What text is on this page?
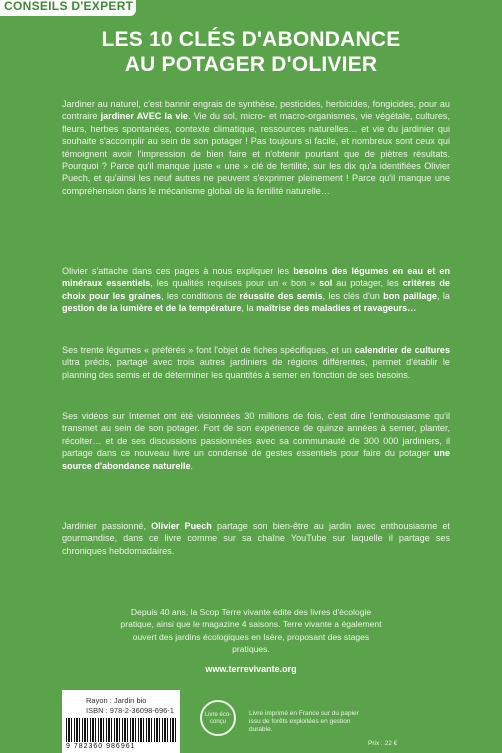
CONSEILS D'EXPERT
LES 10 CLÉS D'ABONDANCE
AU POTAGER D'OLIVIER

Jardiner au naturel, c'est bannir engrais de synthèse, pesticides, herbicides, fongicides, pour au contraire jardiner AVEC la vie. Vie du sol, micro- et macro-organismes, vie végétale, cultures, fleurs, herbes spontanées, contexte climatique, ressources naturelles… et vie du jardinier qui souhaite s'accomplir au sein de son potager ! Pas toujours si facile, et nombreux sont ceux qui témoignent avoir l'impression de bien faire et n'obtenir pourtant que de piètres résultats. Pourquoi ? Parce qu'il manque juste « une » clé de fertilité, sur les dix qu'a identifiées Olivier Puech, et qu'ainsi les neuf autres ne peuvent s'exprimer pleinement ! Parce qu'il manque une compréhension dans le mécanisme global de la fertilité naturelle…

Olivier s'attache dans ces pages à nous expliquer les besoins des légumes en eau et en minéraux essentiels, les qualités requises pour un « bon » sol au potager, les critères de choix pour les graines, les conditions de réussite des semis, les clés d'un bon paillage, la gestion de la lumière et de la température, la maîtrise des maladies et ravageurs…

Ses trente légumes « préférés » font l'objet de fiches spécifiques, et un calendrier de cultures ultra précis, partagé avec trois autres jardiniers de régions différentes, permet d'établir le planning des semis et de déterminer les quantités à semer en fonction de ses besoins.

Ses vidéos sur Internet ont été visionnées 30 millions de fois, c'est dire l'enthousiasme qu'il transmet au sein de son potager. Fort de son expérience de quinze années à semer, planter, récolter… et de ses discussions passionnées avec sa communauté de 300 000 jardiniers, il partage dans ce nouveau livre un condensé de gestes essentiels pour faire du potager une source d'abondance naturelle.

Jardinier passionné, Olivier Puech partage son bien-être au jardin avec enthousiasme et gourmandise, dans ce livre comme sur sa chaîne YouTube sur laquelle il partage ses chroniques hebdomadaires.

Depuis 40 ans, la Scop Terre vivante édite des livres d'écologie pratique, ainsi que le magazine 4 saisons. Terre vivante a également ouvert des jardins écologiques en Isère, proposant des stages pratiques.
www.terrevivante.org
Rayon : Jardin bio
ISBN : 978-2-36098-696-1
9 782360 986961
Livre éco-conçu
Livre imprimé en France sur du papier issu de forêts exploitées en gestion durable.
Prix : 22 €
